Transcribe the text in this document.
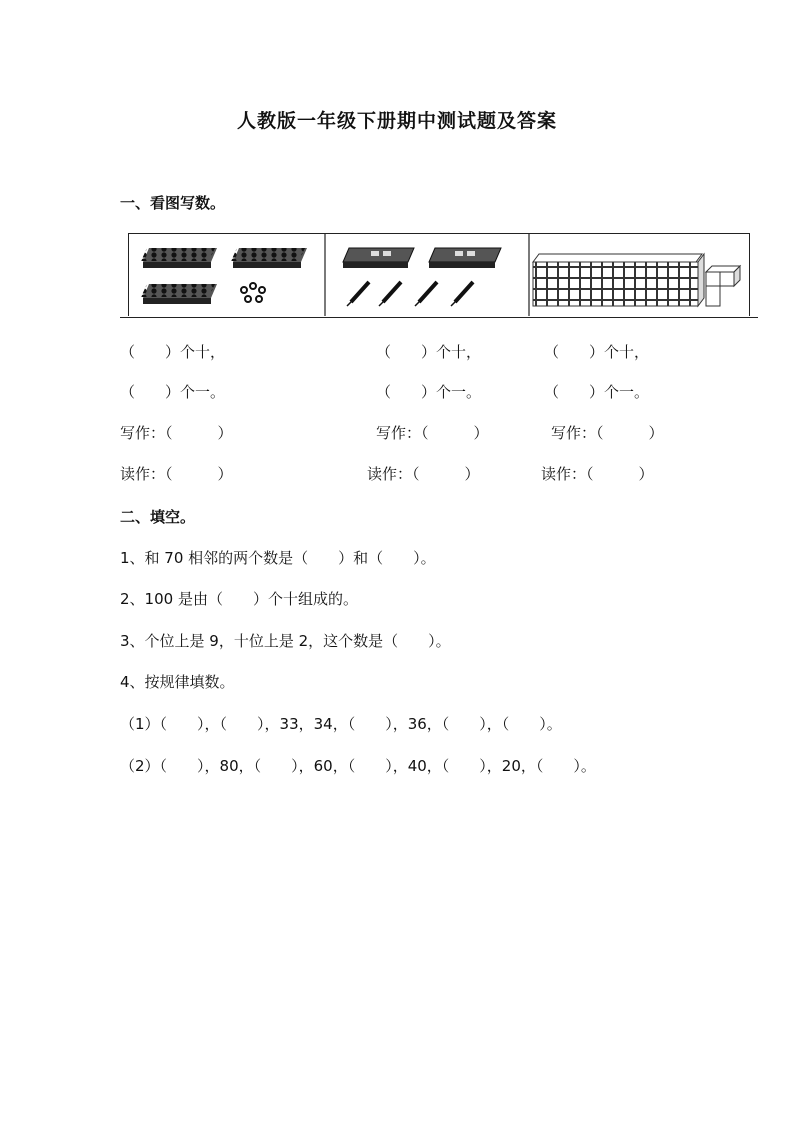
人教版一年级下册期中测试题及答案
一、看图写数。
（　　）个十，	（　　）个十，	（　　）个十，
（　　）个一。	（　　）个一。	（　　）个一。
写作：（　　　）	写作：（　　　）	写作：（　　　）
读作：（　　　）	读作：（　　　）	读作：（　　　）
二、填空。
1、和 70 相邻的两个数是（　　）和（　　）。
2、100 是由（　　）个十组成的。
3、个位上是 9，十位上是 2，这个数是（　　）。
4、按规律填数。
（1）（　　），（　　），33，34，（　　），36，（　　），（　　）。
（2）（　　），80，（　　），60，（　　），40，（　　），20，（　　）。
